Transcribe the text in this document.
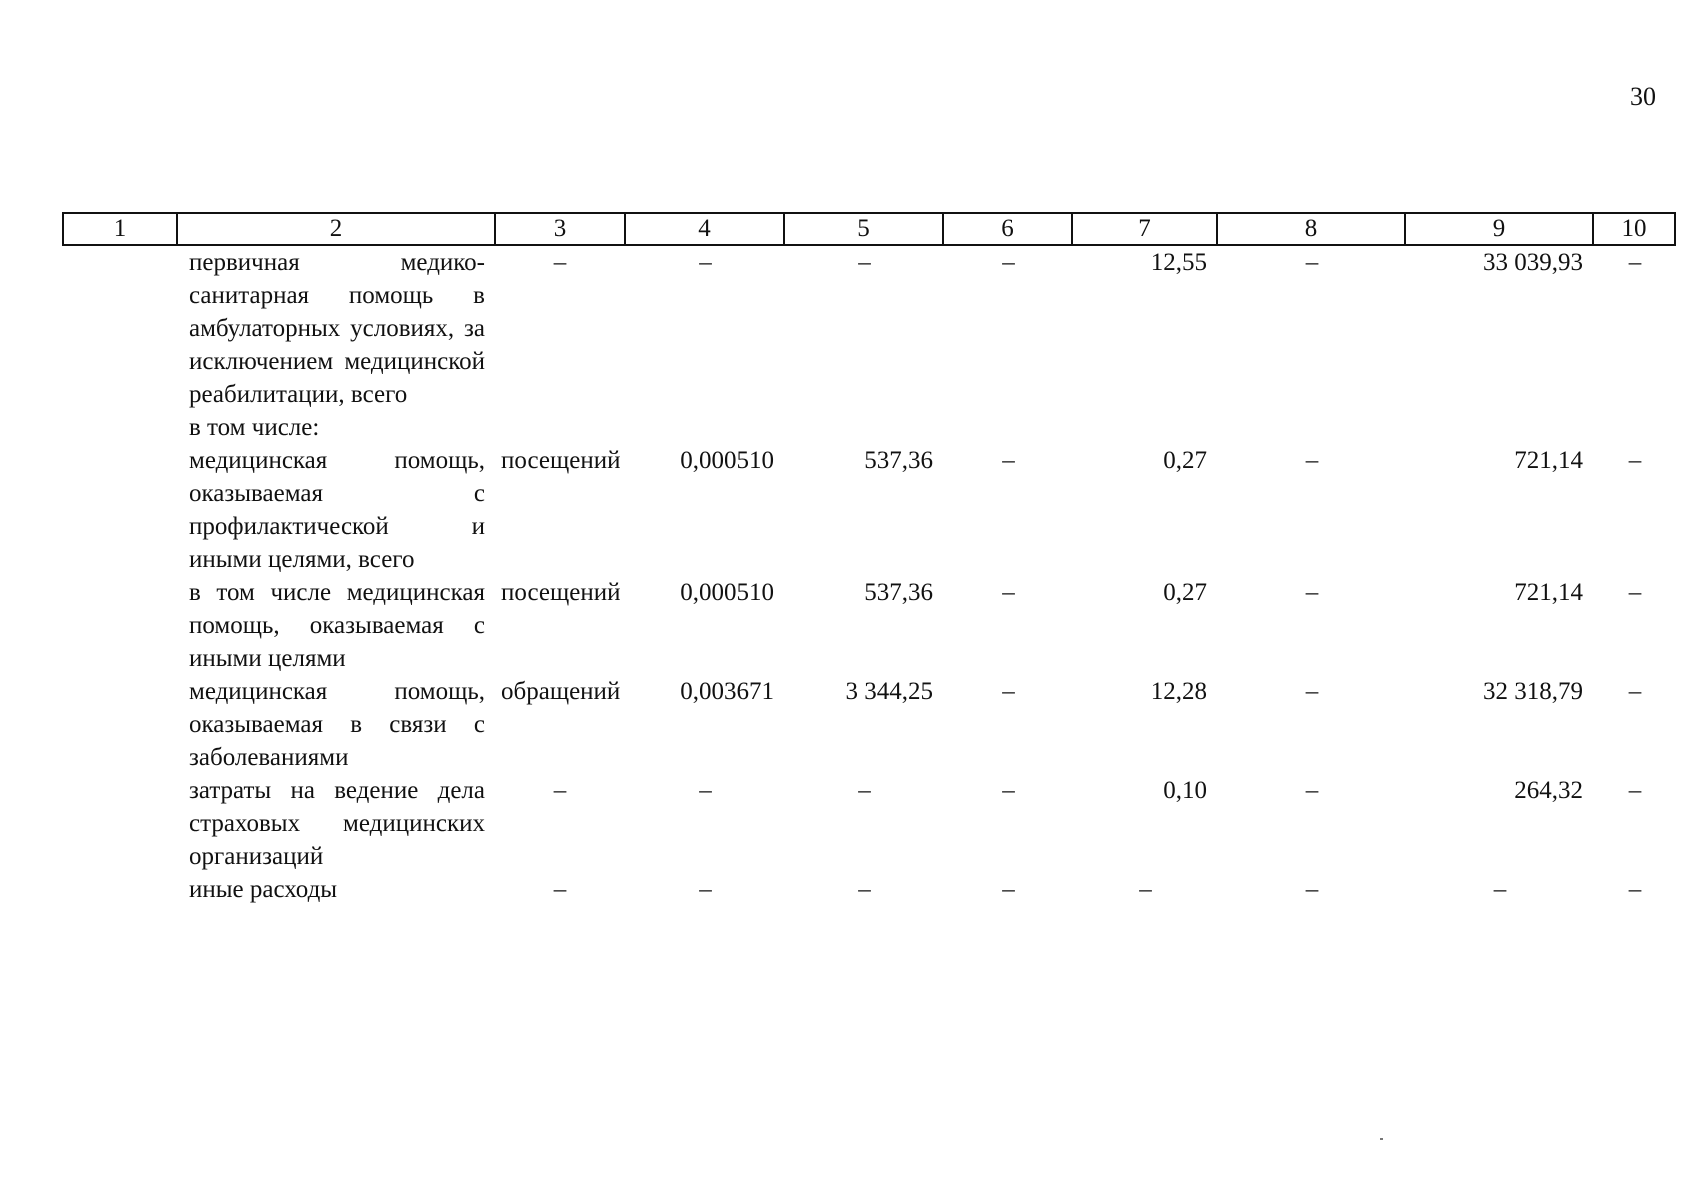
30
1	2	3	4	5	6	7	8	9	10
	первичная медико-санитарная помощь в амбулаторных условиях, за исключением медицинской реабилитации, всего	–	–	–	–	12,55	–	33 039,93	–
	в том числе:								
	медицинская помощь, оказываемая с профилактической и иными целями, всего	посещений	0,000510	537,36	–	0,27	–	721,14	–
	в том числе медицинская помощь, оказываемая с иными целями	посещений	0,000510	537,36	–	0,27	–	721,14	–
	медицинская помощь, оказываемая в связи с заболеваниями	обращений	0,003671	3 344,25	–	12,28	–	32 318,79	–
	затраты на ведение дела страховых медицинских организаций	–	–	–	–	0,10	–	264,32	–
	иные расходы	–	–	–	–	–	–	–	–
